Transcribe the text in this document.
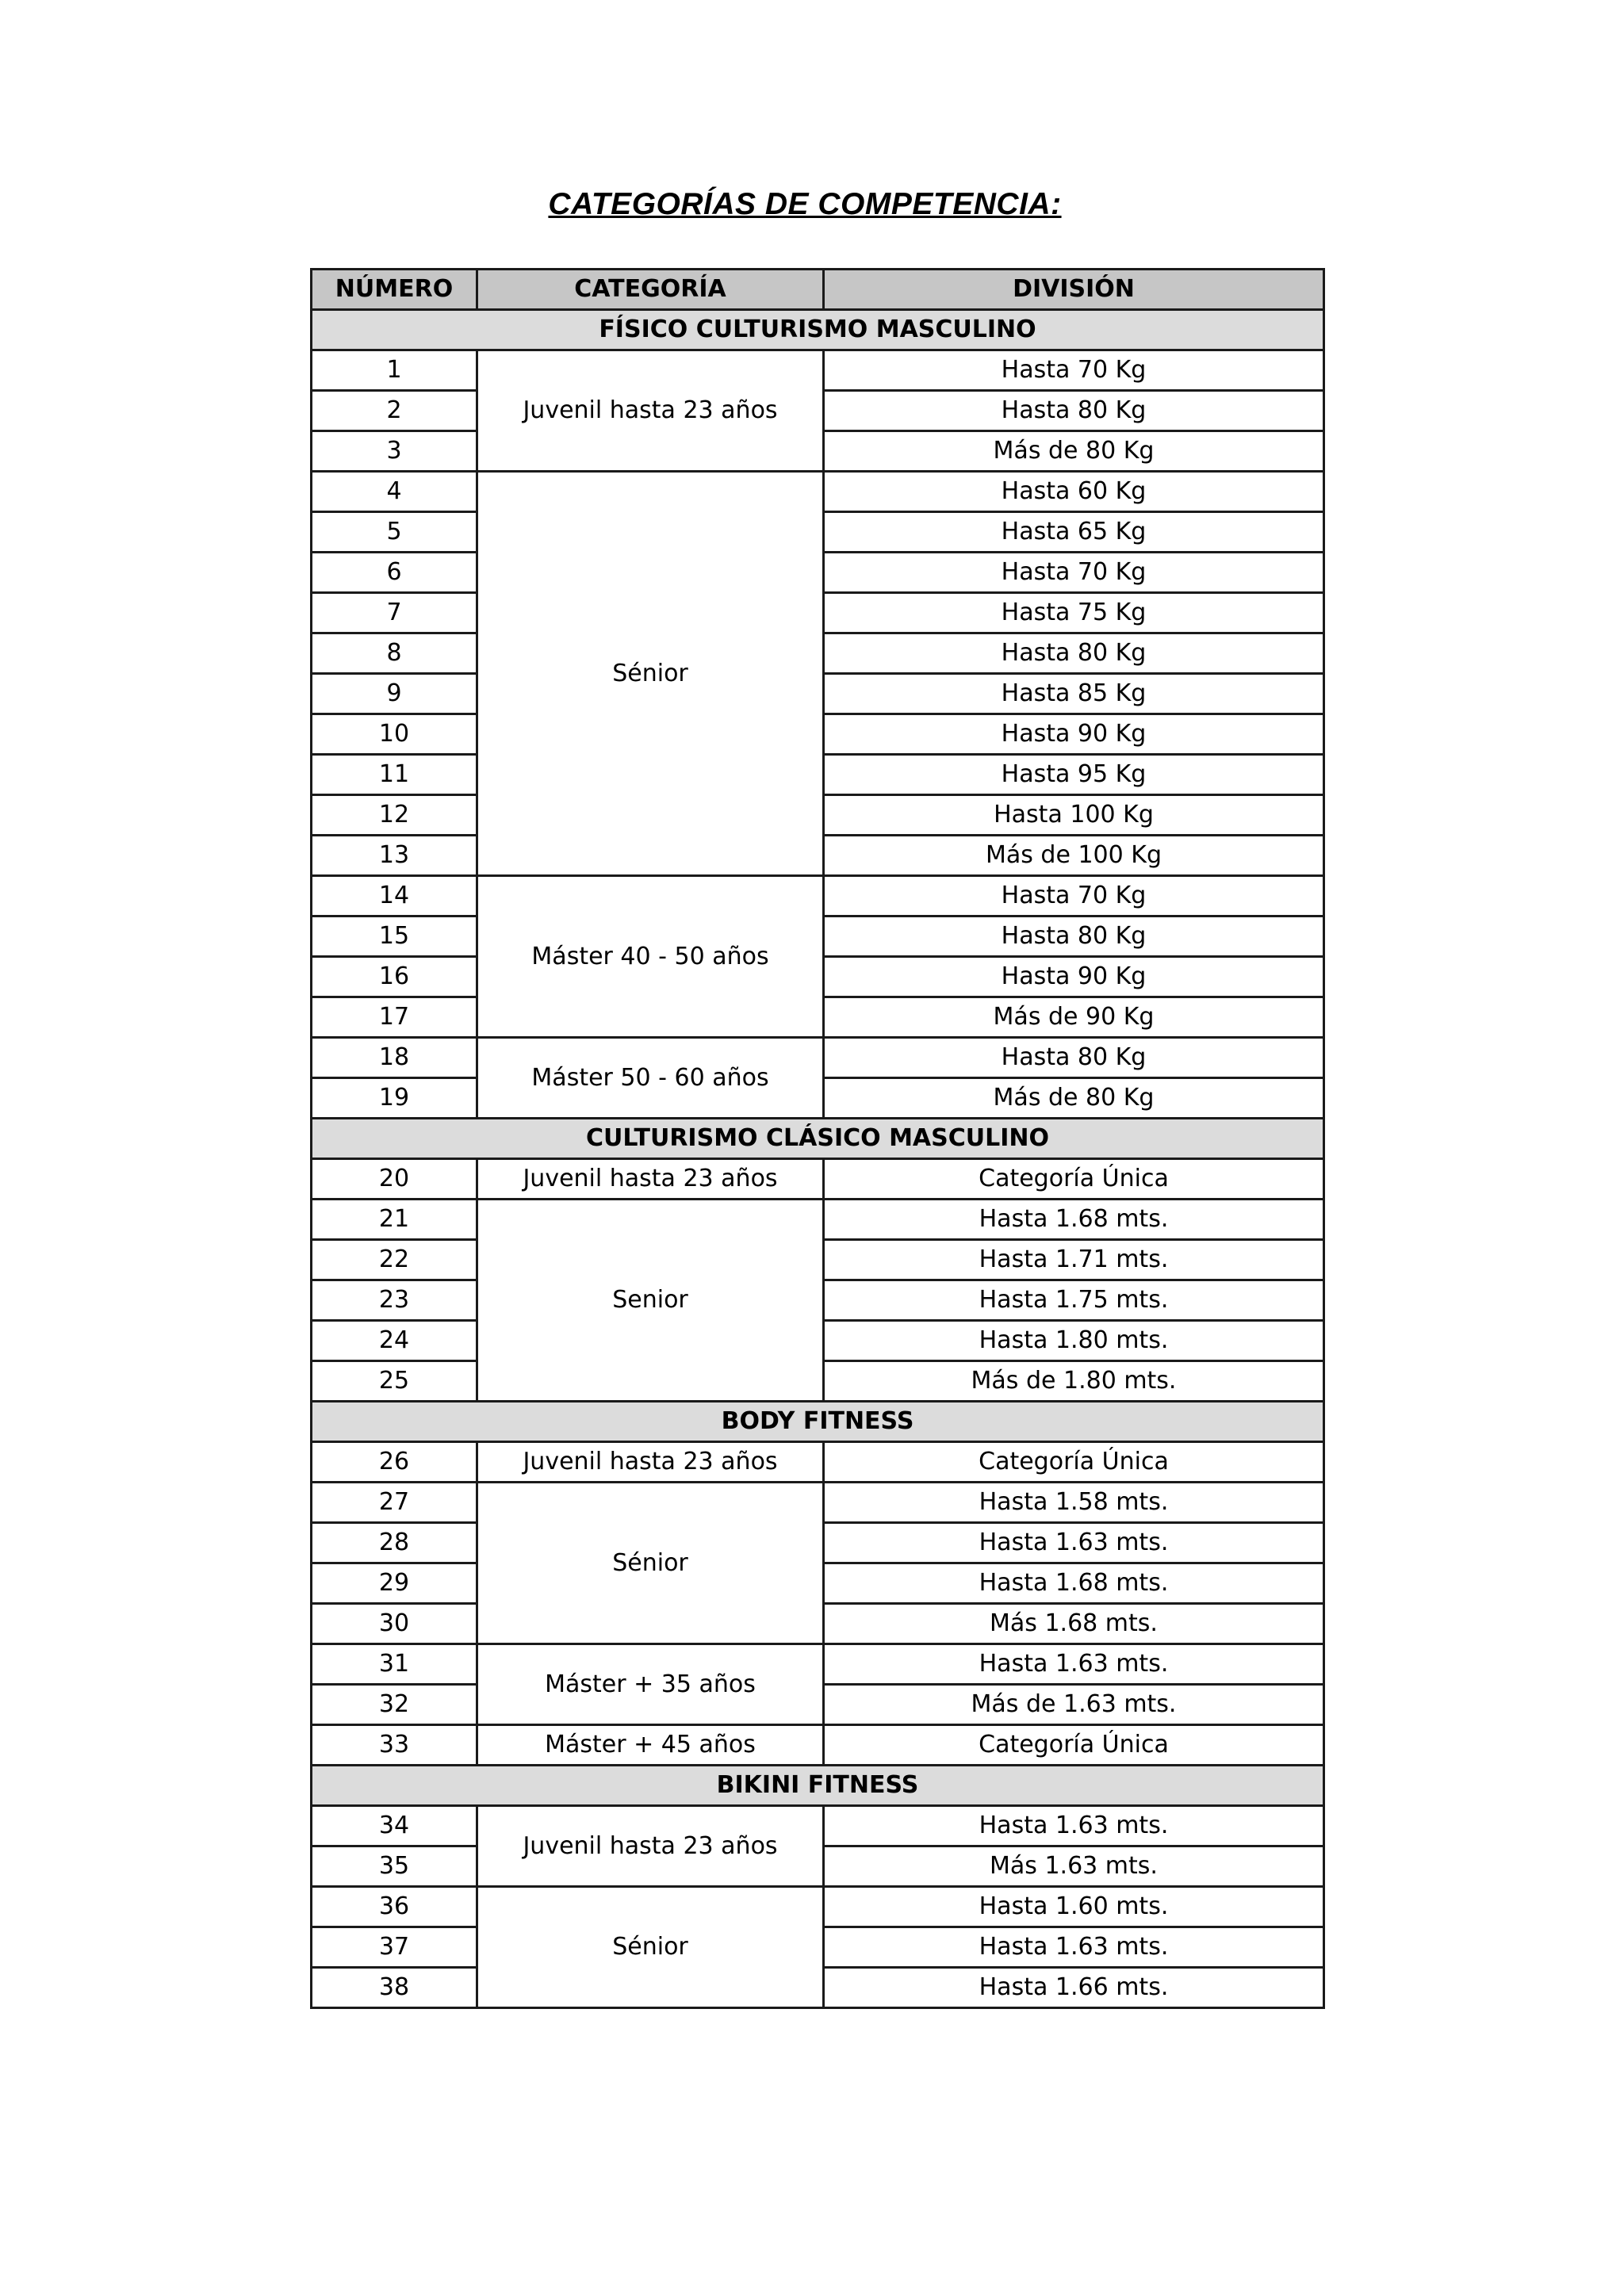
CATEGORÍAS DE COMPETENCIA:
NÚMERO	CATEGORÍA	DIVISIÓN
FÍSICO CULTURISMO MASCULINO		
1	Juvenil hasta 23 años	Hasta 70 Kg
2		Hasta 80 Kg
3		Más de 80 Kg
4	Sénior	Hasta 60 Kg
5		Hasta 65 Kg
6		Hasta 70 Kg
7		Hasta 75 Kg
8		Hasta 80 Kg
9		Hasta 85 Kg
10		Hasta 90 Kg
11		Hasta 95 Kg
12		Hasta 100 Kg
13		Más de 100 Kg
14	Máster 40 - 50 años	Hasta 70 Kg
15		Hasta 80 Kg
16		Hasta 90 Kg
17		Más de 90 Kg
18	Máster 50 - 60 años	Hasta 80 Kg
19		Más de 80 Kg
CULTURISMO CLÁSICO MASCULINO		
20	Juvenil hasta 23 años	Categoría Única
21	Senior	Hasta 1.68 mts.
22		Hasta 1.71 mts.
23		Hasta 1.75 mts.
24		Hasta 1.80 mts.
25		Más de 1.80 mts.
BODY FITNESS		
26	Juvenil hasta 23 años	Categoría Única
27	Sénior	Hasta 1.58 mts.
28		Hasta 1.63 mts.
29		Hasta 1.68 mts.
30		Más 1.68 mts.
31	Máster + 35 años	Hasta 1.63 mts.
32		Más de 1.63 mts.
33	Máster + 45 años	Categoría Única
BIKINI FITNESS		
34	Juvenil hasta 23 años	Hasta 1.63 mts.
35		Más 1.63 mts.
36	Sénior	Hasta 1.60 mts.
37		Hasta 1.63 mts.
38		Hasta 1.66 mts.
